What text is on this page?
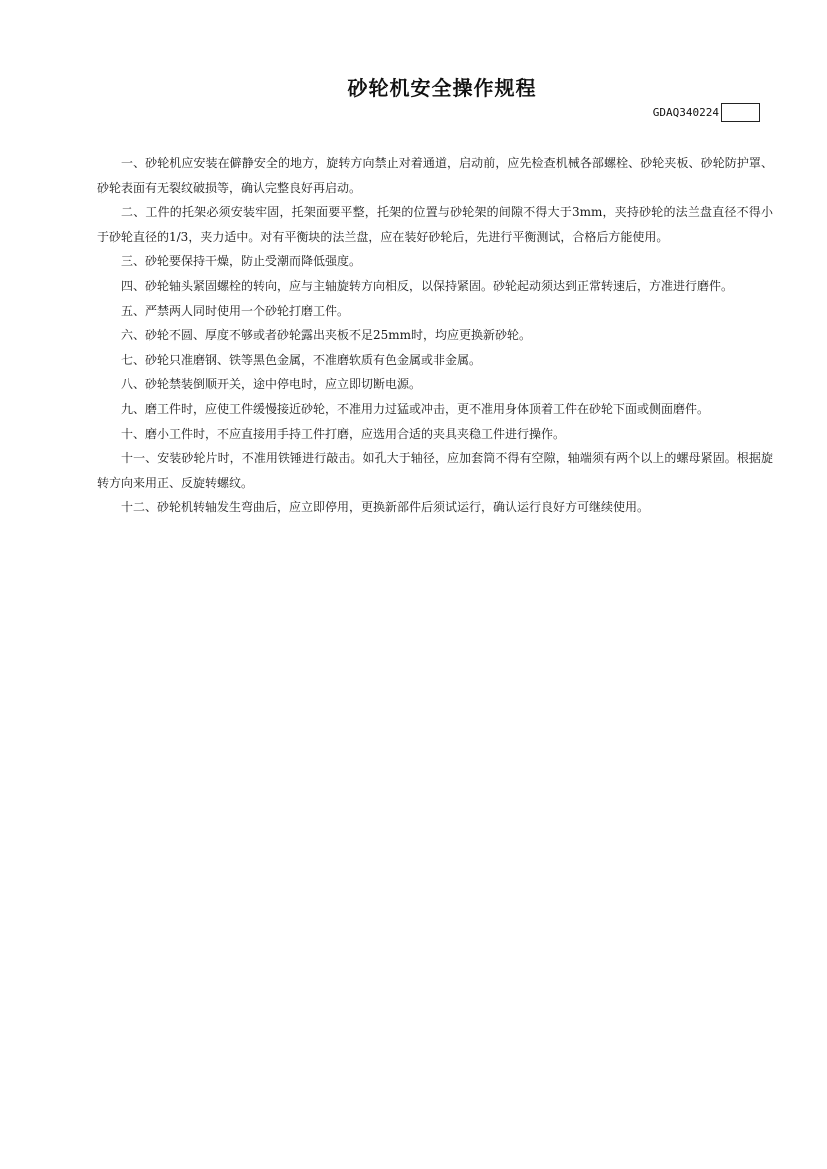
砂轮机安全操作规程
GDAQ340224

一、砂轮机应安装在僻静安全的地方，旋转方向禁止对着通道，启动前，应先检查机械各部螺栓、砂轮夹板、砂轮防护罩、砂轮表面有无裂纹破损等，确认完整良好再启动。

二、工件的托架必须安装牢固，托架面要平整，托架的位置与砂轮架的间隙不得大于3mm，夹持砂轮的法兰盘直径不得小于砂轮直径的1/3，夹力适中。对有平衡块的法兰盘，应在装好砂轮后，先进行平衡测试，合格后方能使用。

三、砂轮要保持干燥，防止受潮而降低强度。

四、砂轮轴头紧固螺栓的转向，应与主轴旋转方向相反，以保持紧固。砂轮起动须达到正常转速后，方准进行磨件。

五、严禁两人同时使用一个砂轮打磨工件。

六、砂轮不圆、厚度不够或者砂轮露出夹板不足25mm时，均应更换新砂轮。

七、砂轮只准磨钢、铁等黑色金属，不准磨软质有色金属或非金属。

八、砂轮禁装倒顺开关，途中停电时，应立即切断电源。

九、磨工件时，应使工件缓慢接近砂轮，不准用力过猛或冲击，更不准用身体顶着工件在砂轮下面或侧面磨件。

十、磨小工件时，不应直接用手持工件打磨，应选用合适的夹具夹稳工件进行操作。

十一、安装砂轮片时，不准用铁锤进行敲击。如孔大于轴径，应加套筒不得有空隙，轴端须有两个以上的螺母紧固。根据旋转方向来用正、反旋转螺纹。

十二、砂轮机转轴发生弯曲后，应立即停用，更换新部件后须试运行，确认运行良好方可继续使用。
